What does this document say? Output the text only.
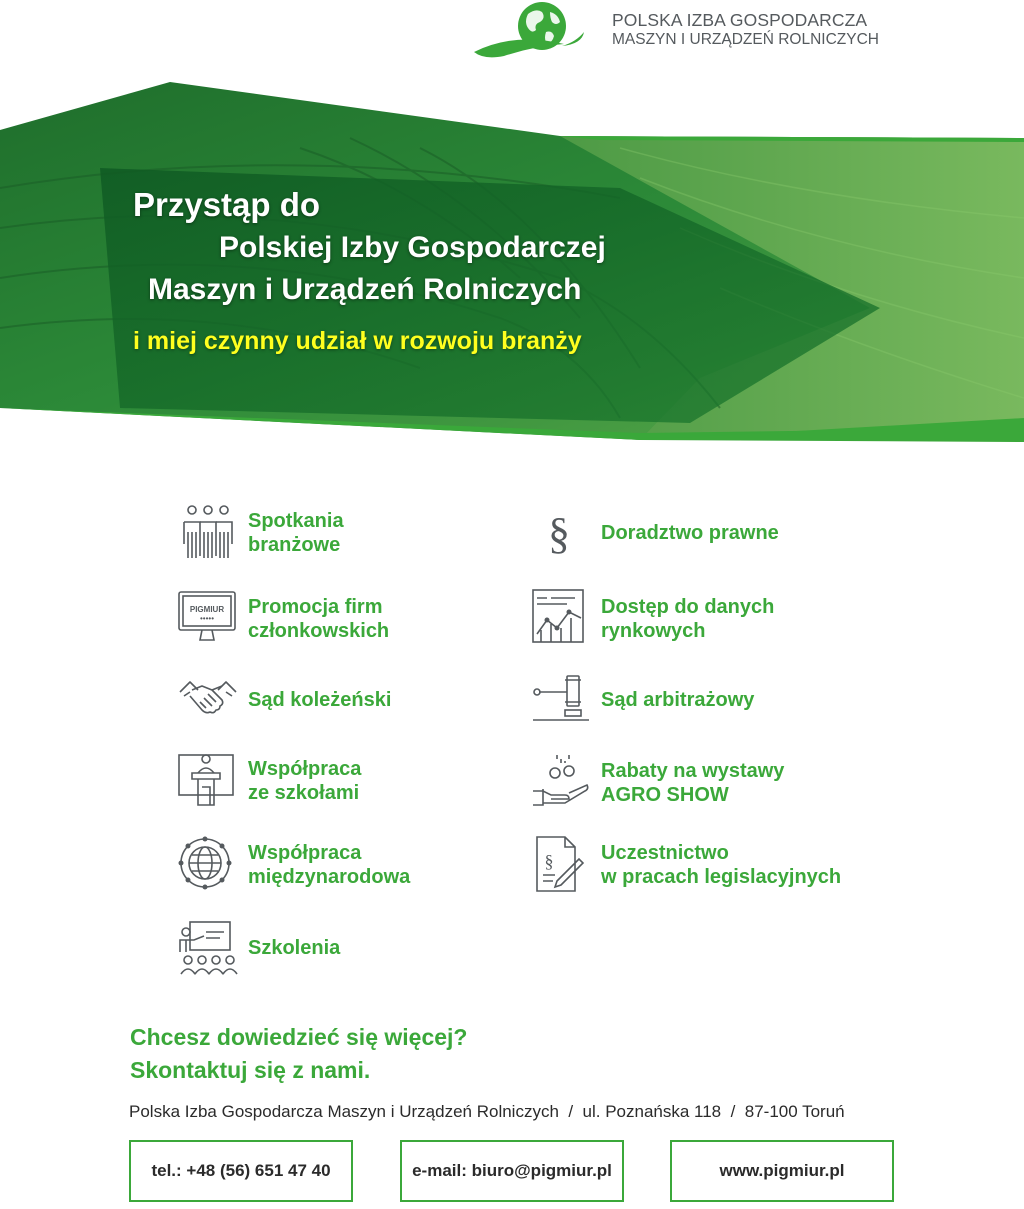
POLSKA IZBA GOSPODARCZA
MASZYN I URZĄDZEŃ ROLNICZYCH
Przystąp do
Polskiej Izby Gospodarczej
Maszyn i Urządzeń Rolniczych
i miej czynny udział w rozwoju branży
Spotkania
branżowe
PIGMIUR
•••••
Promocja firm
członkowskich
Sąd koleżeński
Współpraca
ze szkołami
Współpraca
międzynarodowa
Szkolenia
§ Doradztwo prawne
Dostęp do danych
rynkowych
Sąd arbitrażowy
Rabaty na wystawy
AGRO SHOW
§ Uczestnictwo
w pracach legislacyjnych
Chcesz dowiedzieć się więcej?
Skontaktuj się z nami.
Polska Izba Gospodarcza Maszyn i Urządzeń Rolniczych  /  ul. Poznańska 118  /  87-100 Toruń
tel.: +48 (56) 651 47 40	e-mail: biuro@pigmiur.pl	www.pigmiur.pl
